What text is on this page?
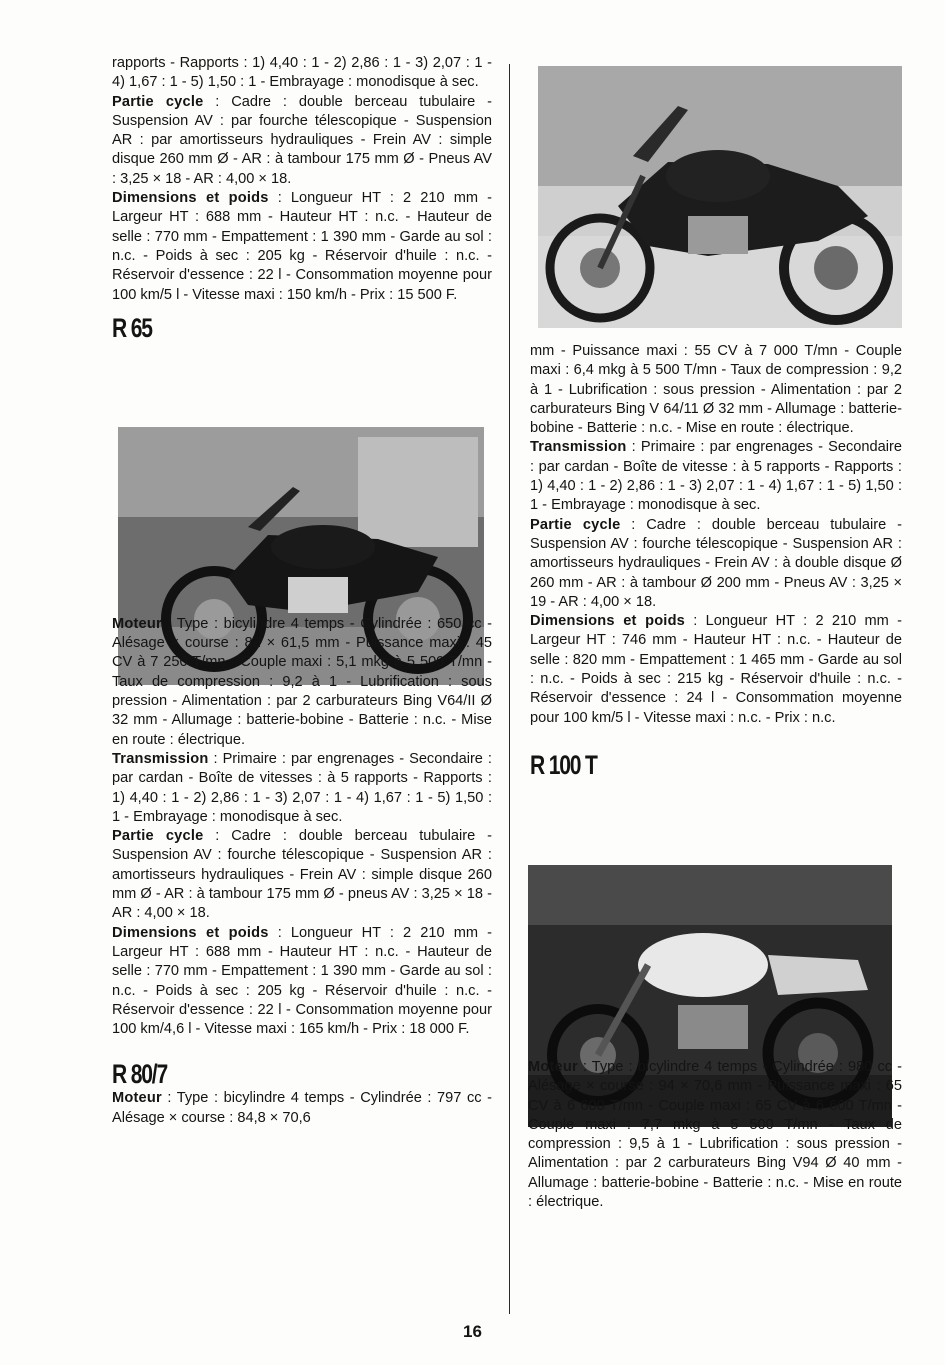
rapports - Rapports : 1) 4,40 : 1 - 2) 2,86 : 1 - 3) 2,07 : 1 - 4) 1,67 : 1 - 5) 1,50 : 1 - Embrayage : monodisque à sec.

Partie cycle : Cadre : double berceau tubulaire - Suspension AV : par fourche télescopique - Suspension AR : par amortisseurs hydrauliques - Frein AV : simple disque 260 mm Ø - AR : à tambour 175 mm Ø - Pneus AV : 3,25 × 18 - AR : 4,00 × 18.

Dimensions et poids : Longueur HT : 2 210 mm - Largeur HT : 688 mm - Hauteur HT : n.c. - Hauteur de selle : 770 mm - Empattement : 1 390 mm - Garde au sol : n.c. - Poids à sec : 205 kg - Réservoir d'huile : n.c. - Réservoir d'essence : 22 l - Consommation moyenne pour 100 km/5 l - Vitesse maxi : 150 km/h - Prix : 15 500 F.

R 65

Moteur : Type : bicylindre 4 temps - Cylindrée : 650 cc - Alésage × course : 82 × 61,5 mm - Puissance maxi : 45 CV à 7 250 T/mn - Couple maxi : 5,1 mkg à 5 500 T/mn - Taux de compression : 9,2 à 1 - Lubrification : sous pression - Alimentation : par 2 carburateurs Bing V64/II Ø 32 mm - Allumage : batterie-bobine - Batterie : n.c. - Mise en route : électrique.

Transmission : Primaire : par engrenages - Secondaire : par cardan - Boîte de vitesses : à 5 rapports - Rapports : 1) 4,40 : 1 - 2) 2,86 : 1 - 3) 2,07 : 1 - 4) 1,67 : 1 - 5) 1,50 : 1 - Embrayage : monodisque à sec.

Partie cycle : Cadre : double berceau tubulaire - Suspension AV : fourche télescopique - Suspension AR : amortisseurs hydrauliques - Frein AV : simple disque 260 mm Ø - AR : à tambour 175 mm Ø - pneus AV : 3,25 × 18 - AR : 4,00 × 18.

Dimensions et poids : Longueur HT : 2 210 mm - Largeur HT : 688 mm - Hauteur HT : n.c. - Hauteur de selle : 770 mm - Empattement : 1 390 mm - Garde au sol : n.c. - Poids à sec : 205 kg - Réservoir d'huile : n.c. - Réservoir d'essence : 22 l - Consommation moyenne pour 100 km/4,6 l - Vitesse maxi : 165 km/h - Prix : 18 000 F.

R 80/7

Moteur : Type : bicylindre 4 temps - Cylindrée : 797 cc - Alésage × course : 84,8 × 70,6

mm - Puissance maxi : 55 CV à 7 000 T/mn - Couple maxi : 6,4 mkg à 5 500 T/mn - Taux de compression : 9,2 à 1 - Lubrification : sous pression - Alimentation : par 2 carburateurs Bing V 64/11 Ø 32 mm - Allumage : batterie-bobine - Batterie : n.c. - Mise en route : électrique.

Transmission : Primaire : par engrenages - Secondaire : par cardan - Boîte de vitesse : à 5 rapports - Rapports : 1) 4,40 : 1 - 2) 2,86 : 1 - 3) 2,07 : 1 - 4) 1,67 : 1 - 5) 1,50 : 1 - Embrayage : monodisque à sec.

Partie cycle : Cadre : double berceau tubulaire - Suspension AV : fourche télescopique - Suspension AR : amortisseurs hydrauliques - Frein AV : à double disque Ø 260 mm - AR : à tambour Ø 200 mm - Pneus AV : 3,25 × 19 - AR : 4,00 × 18.

Dimensions et poids : Longueur HT : 2 210 mm - Largeur HT : 746 mm - Hauteur HT : n.c. - Hauteur de selle : 820 mm - Empattement : 1 465 mm - Garde au sol : n.c. - Poids à sec : 215 kg - Réservoir d'huile : n.c. - Réservoir d'essence : 24 l - Consommation moyenne pour 100 km/5 l - Vitesse maxi : n.c. - Prix : n.c.

R 100 T

Moteur : Type : bicylindre 4 temps - Cylindrée : 980 cc - Alésage × course : 94 × 70,6 mm - Puissance maxi : 65 CV à 6 600 T/mn - Couple maxi : 65 CV à 6 600 T/mn - Couple maxi : 7,7 mkg à 5 500 T/mn - Taux de compression : 9,5 à 1 - Lubrification : sous pression - Alimentation : par 2 carburateurs Bing V94 Ø 40 mm - Allumage : batterie-bobine - Batterie : n.c. - Mise en route : électrique.

16
